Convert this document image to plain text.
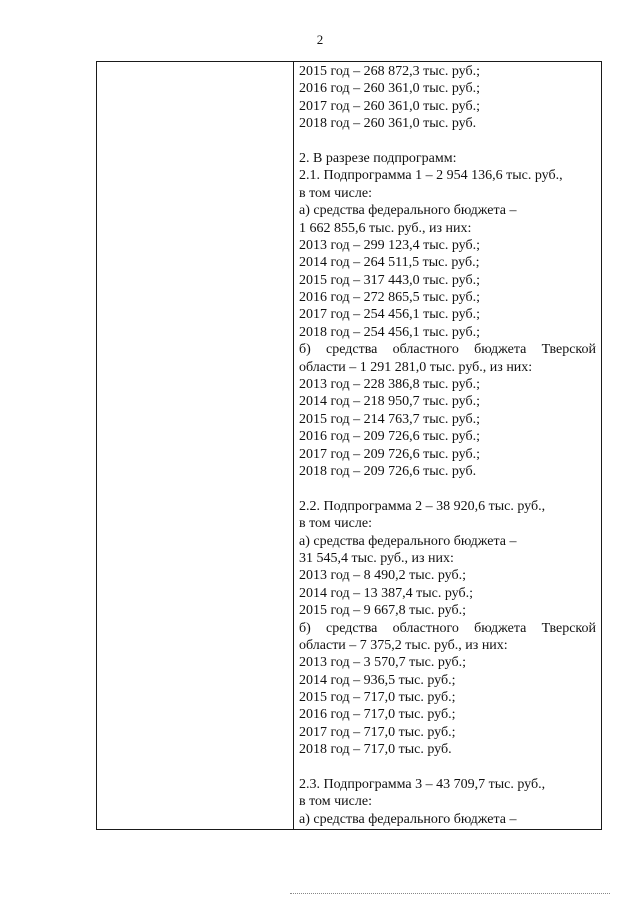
2
2015 год – 268 872,3 тыс. руб.;
2016 год – 260 361,0 тыс. руб.;
2017 год – 260 361,0 тыс. руб.;
2018 год – 260 361,0 тыс. руб.
2. В разрезе подпрограмм:
2.1. Подпрограмма 1 – 2 954 136,6 тыс. руб.,
в том числе:
а) средства федерального бюджета –
1 662 855,6 тыс. руб., из них:
2013 год – 299 123,4 тыс. руб.;
2014 год – 264 511,5 тыс. руб.;
2015 год – 317 443,0 тыс. руб.;
2016 год – 272 865,5 тыс. руб.;
2017 год – 254 456,1 тыс. руб.;
2018 год – 254 456,1 тыс. руб.;
б) средства областного бюджета Тверской
области – 1 291 281,0 тыс. руб., из них:
2013 год – 228 386,8 тыс. руб.;
2014 год – 218 950,7 тыс. руб.;
2015 год – 214 763,7 тыс. руб.;
2016 год – 209 726,6 тыс. руб.;
2017 год – 209 726,6 тыс. руб.;
2018 год – 209 726,6 тыс. руб.
2.2. Подпрограмма 2 – 38 920,6 тыс. руб.,
в том числе:
а) средства федерального бюджета –
31 545,4 тыс. руб., из них:
2013 год – 8 490,2 тыс. руб.;
2014 год – 13 387,4 тыс. руб.;
2015 год – 9 667,8 тыс. руб.;
б) средства областного бюджета Тверской
области – 7 375,2 тыс. руб., из них:
2013 год – 3 570,7 тыс. руб.;
2014 год – 936,5 тыс. руб.;
2015 год – 717,0 тыс. руб.;
2016 год – 717,0 тыс. руб.;
2017 год – 717,0 тыс. руб.;
2018 год – 717,0 тыс. руб.
2.3. Подпрограмма 3 – 43 709,7 тыс. руб.,
в том числе:
а) средства федерального бюджета –
